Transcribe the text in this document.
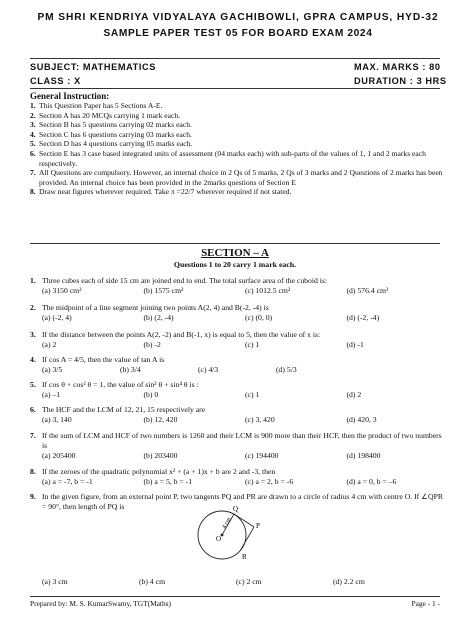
PM SHRI KENDRIYA VIDYALAYA GACHIBOWLI, GPRA CAMPUS, HYD-32
SAMPLE PAPER TEST 05 FOR BOARD EXAM 2024
SUBJECT: MATHEMATICS	MAX. MARKS : 80
CLASS : X	DURATION : 3 HRS
General Instruction:
1. This Question Paper has 5 Sections A-E.
2. Section A has 20 MCQs carrying 1 mark each.
3. Section B has 5 questions carrying 02 marks each.
4. Section C has 6 questions carrying 03 marks each.
5. Section D has 4 questions carrying 05 marks each.
6. Section E has 3 case based integrated units of assessment (04 marks each) with sub-parts of the values of 1, 1 and 2 marks each respectively.
7. All Questions are compulsory. However, an internal choice in 2 Qs of 5 marks, 2 Qs of 3 marks and 2 Questions of 2 marks has been provided. An internal choice has been provided in the 2marks questions of Section E
8. Draw neat figures wherever required. Take π =22/7 wherever required if not stated.
SECTION – A
Questions 1 to 20 carry 1 mark each.
1. Three cubes each of side 15 cm are joined end to end. The total surface area of the cuboid is:
(a) 3150 cm²	(b) 1575 cm²	(c) 1012.5 cm²	(d) 576.4 cm²
2. The midpoint of a line segment joining two points A(2, 4) and B(-2, -4) is
(a) (-2, 4)	(b) (2, -4)	(c) (0, 0)	(d) (-2, -4)
3. If the distance between the points A(2, -2) and B(-1, x) is equal to 5, then the value of x is:
(a) 2	(b) -2	(c) 1	(d) -1
4. If cos A = 4/5, then the value of tan A is
(a) 3/5	(b) 3/4	(c) 4/3	(d) 5/3
5. If cos θ + cos² θ = 1, the value of sin² θ + sin⁴ θ is :
(a) –1	(b) 0	(c) 1	(d) 2
6. The HCF and the LCM of 12, 21, 15 respectively are
(a) 3, 140	(b) 12, 420	(c) 3, 420	(d) 420, 3
7. If the sum of LCM and HCF of two numbers is 1260 and their LCM is 900 more than their HCF, then the product of two numbers is
(a) 205400	(b) 203400	(c) 194400	(d) 198400
8. If the zeroes of the quadratic polynomial x² + (a + 1)x + b are 2 and -3, then
(a) a = -7, b = -1	(b) a = 5, b = -1	(c) a = 2, b = -6	(d) a = 0, b = –6
9. In the given figure, from an external point P, two tangents PQ and PR are drawn to a circle of radius 4 cm with centre O. If ∠QPR = 90°, then length of PQ is
O
P
Q
R
4 cm
(a) 3 cm	(b) 4 cm	(c) 2 cm	(d) 2.2 cm
Prepared by: M. S. KumarSwamy, TGT(Maths)	Page - 1 -
